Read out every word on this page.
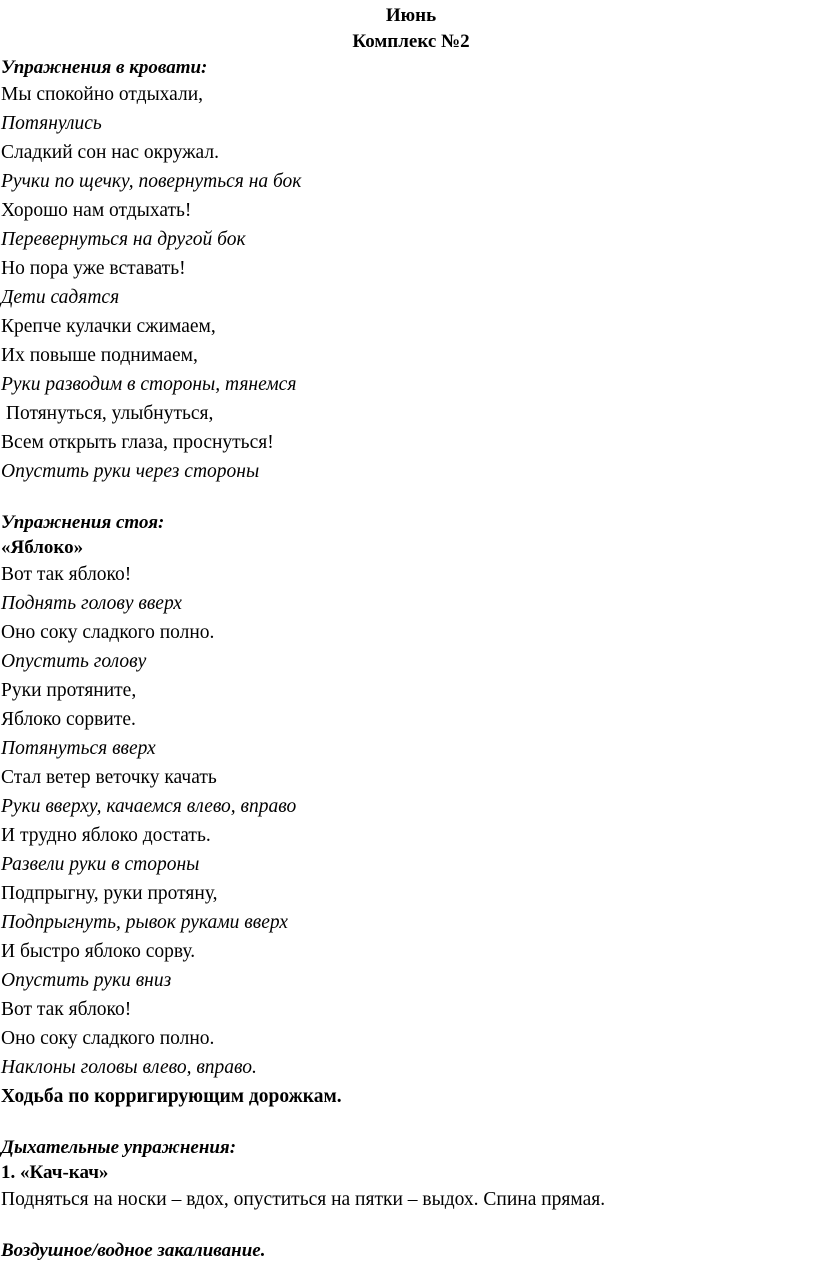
Июнь

Комплекс №2

Упражнения в кровати:

Мы спокойно отдыхали,

Потянулись

Сладкий сон нас окружал.

Ручки по щечку, повернуться на бок

Хорошо нам отдыхать!

Перевернуться на другой бок

Но пора уже вставать!

Дети садятся

Крепче кулачки сжимаем,

Их повыше поднимаем,

Руки разводим в стороны, тянемся

Потянуться, улыбнуться,

Всем открыть глаза, проснуться!

Опустить руки через стороны

Упражнения стоя:

«Яблоко»

Вот так яблоко!

Поднять голову вверх

Оно соку сладкого полно.

Опустить голову

Руки протяните,

Яблоко сорвите.

Потянуться вверх

Стал ветер веточку качать

Руки вверху, качаемся влево, вправо

И трудно яблоко достать.

Развели руки в стороны

Подпрыгну, руки протяну,

Подпрыгнуть, рывок руками вверх

И быстро яблоко сорву.

Опустить руки вниз

Вот так яблоко!

Оно соку сладкого полно.

Наклоны головы влево, вправо.

Ходьба по корригирующим дорожкам.

Дыхательные упражнения:

1. «Кач-кач»

Подняться на носки – вдох, опуститься на пятки – выдох. Спина прямая.

Воздушное/водное закаливание.
